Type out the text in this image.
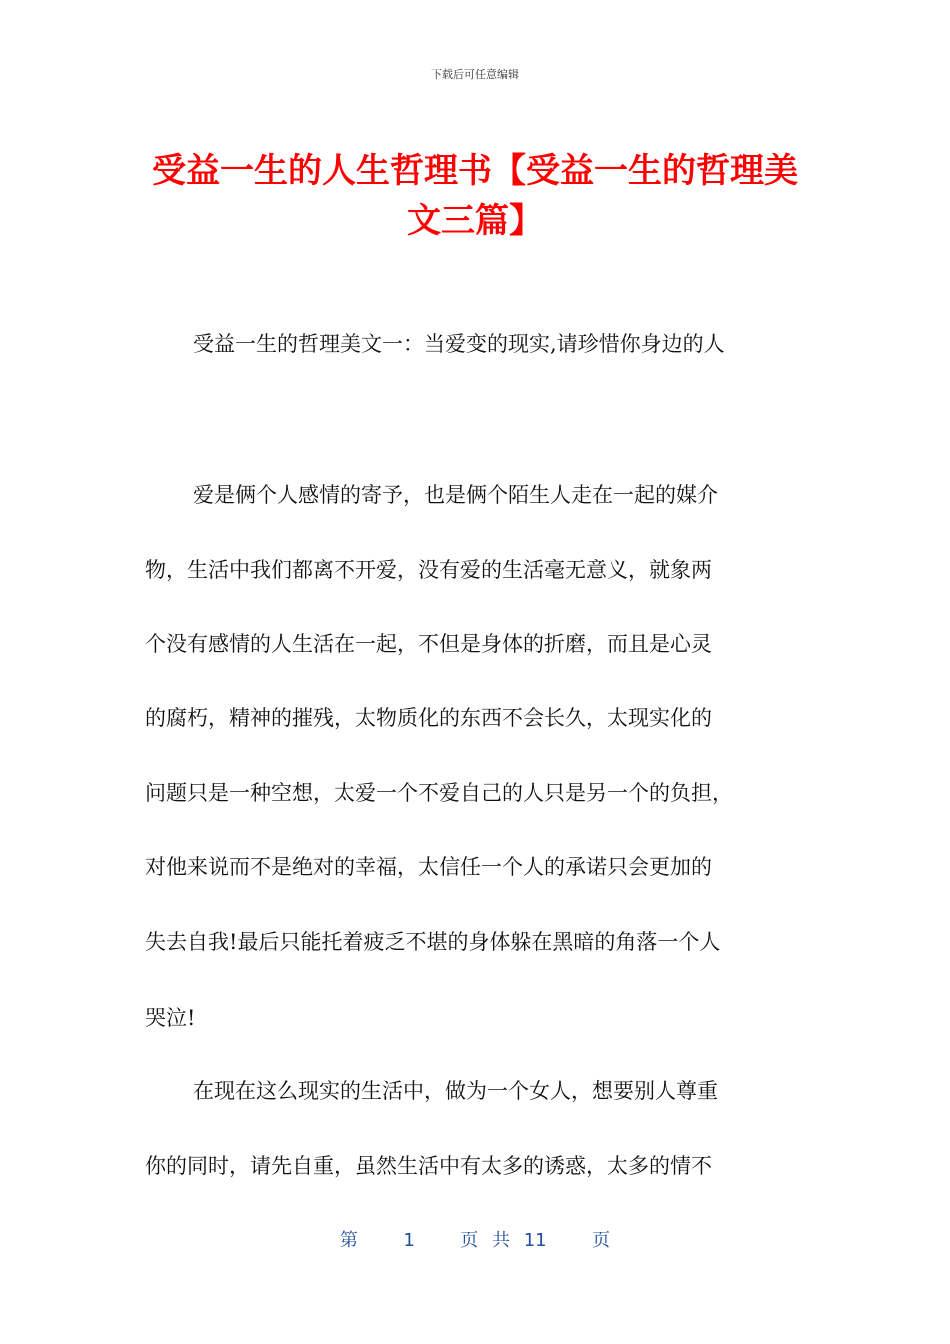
下载后可任意编辑
受益一生的人生哲理书【受益一生的哲理美
文三篇】
受益一生的哲理美文一：当爱变的现实,请珍惜你身边的人
爱是俩个人感情的寄予，也是俩个陌生人走在一起的媒介
物，生活中我们都离不开爱，没有爱的生活毫无意义，就象两
个没有感情的人生活在一起，不但是身体的折磨，而且是心灵
的腐朽，精神的摧残，太物质化的东西不会长久，太现实化的
问题只是一种空想，太爱一个不爱自己的人只是另一个的负担，
对他来说而不是绝对的幸福，太信任一个人的承诺只会更加的
失去自我!最后只能托着疲乏不堪的身体躲在黑暗的角落一个人
哭泣!
在现在这么现实的生活中，做为一个女人，想要别人尊重
你的同时，请先自重，虽然生活中有太多的诱惑，太多的情不
第	1	页 共 11	页
